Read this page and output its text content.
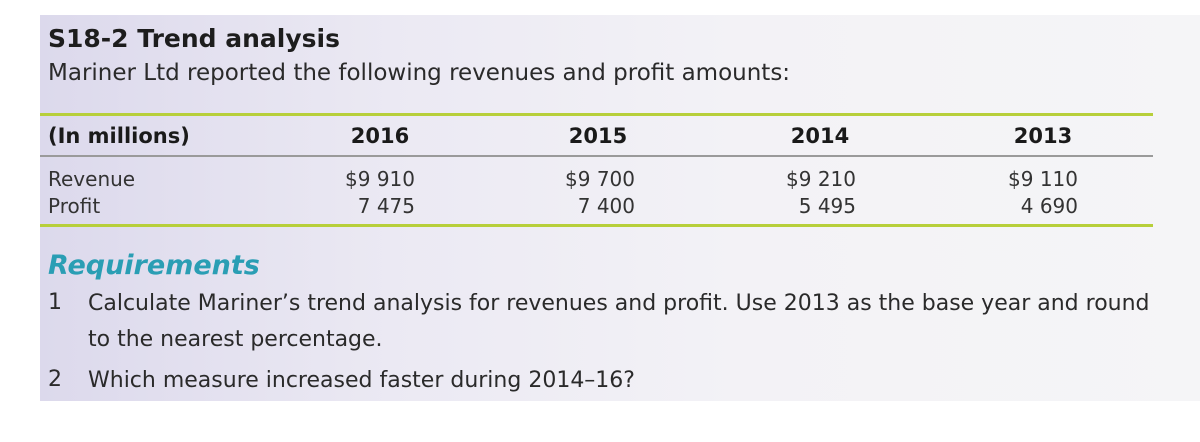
S18-2 Trend analysis
Mariner Ltd reported the following revenues and profit amounts:
(In millions)	2016	2015	2014	2013
Revenue	$9 910	$9 700	$9 210	$9 110
Profit	7 475	7 400	5 495	4 690
Requirements
1 Calculate Mariner’s trend analysis for revenues and profit. Use 2013 as the base year and round to the nearest percentage.
2 Which measure increased faster during 2014–16?
